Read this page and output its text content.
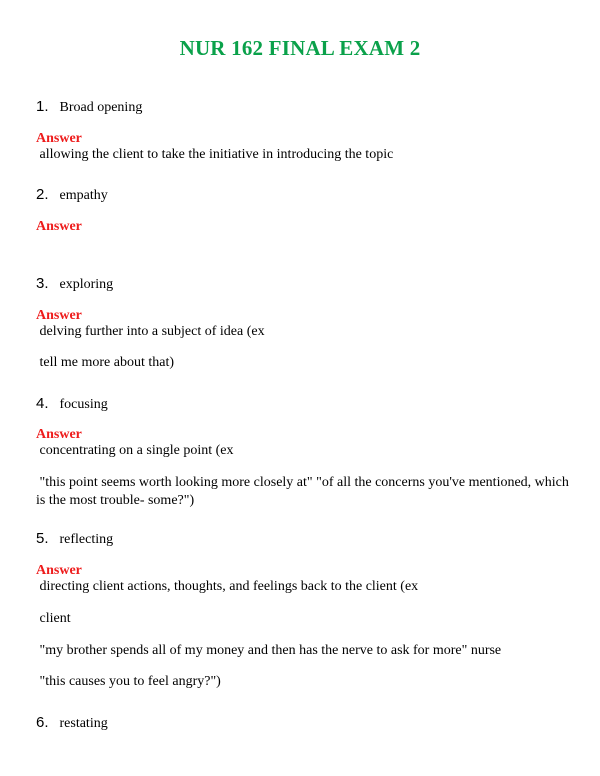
NUR 162 FINAL EXAM 2
1. Broad opening
Answer
allowing the client to take the initiative in introducing the topic
2. empathy
Answer
3. exploring
Answer
delving further into a subject of idea (ex
tell me more about that)
4. focusing
Answer
concentrating on a single point (ex
"this point seems worth looking more closely at" "of all the concerns you've mentioned, which is the most trouble- some?")
5. reflecting
Answer
directing client actions, thoughts, and feelings back to the client (ex
client
"my brother spends all of my money and then has the nerve to ask for more" nurse
"this causes you to feel angry?")
6. restating
